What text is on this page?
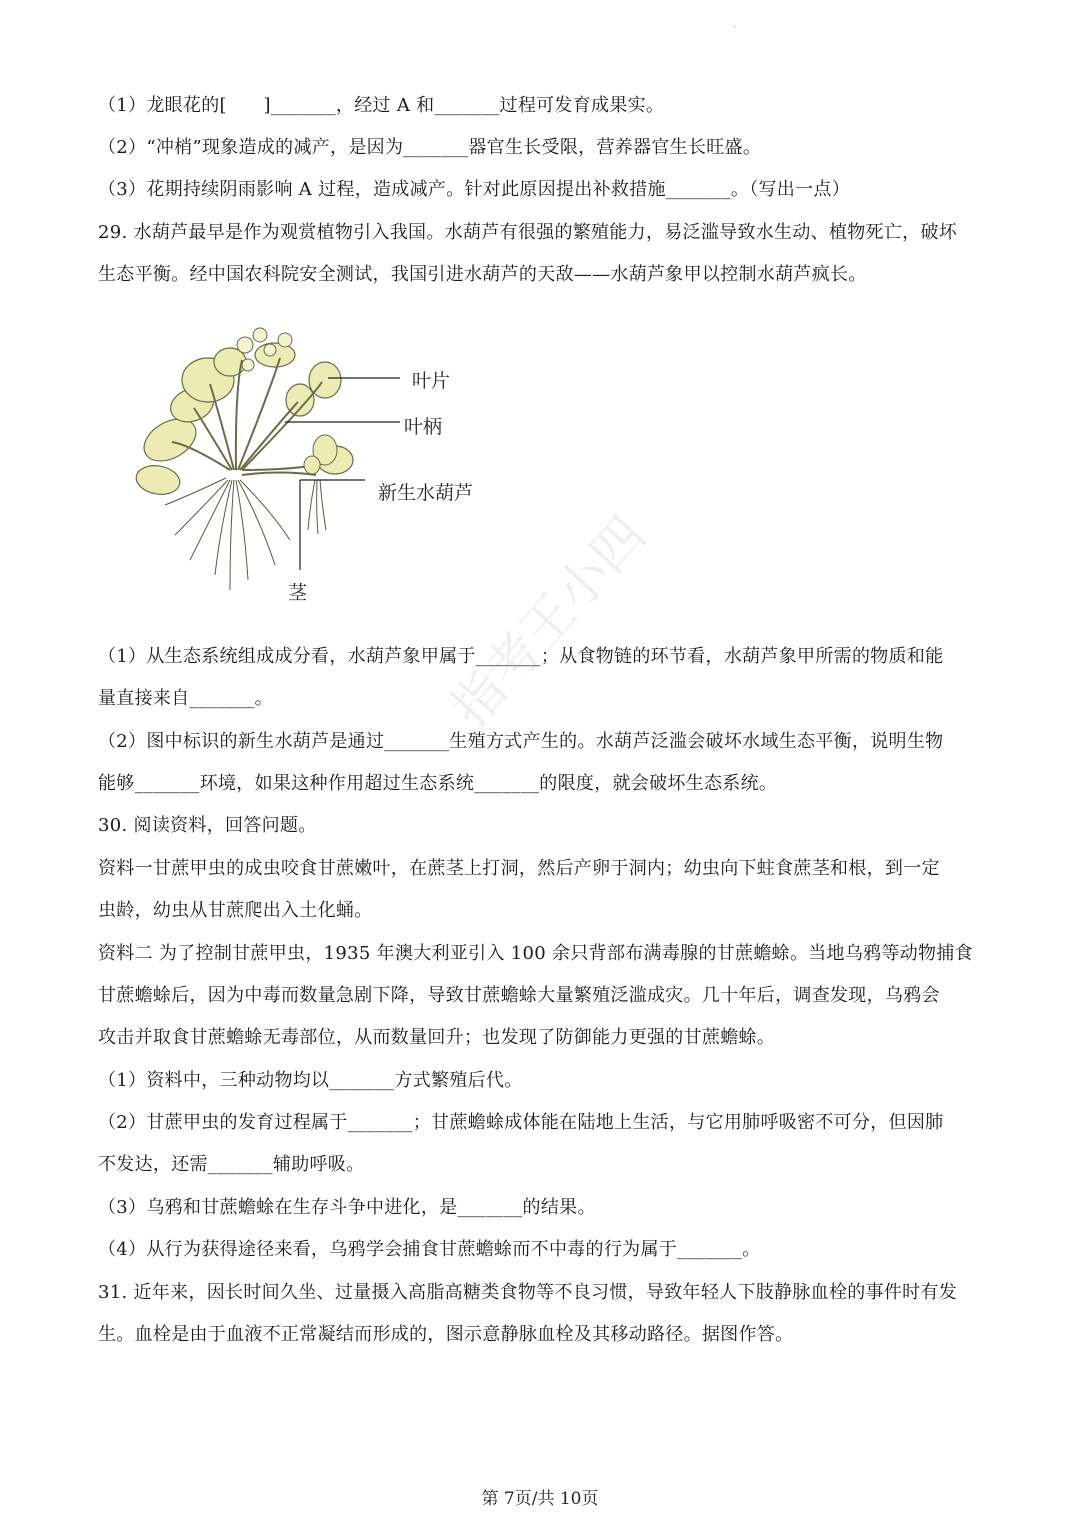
·
（1）龙眼花的[　　]_______，经过 A 和_______过程可发育成果实。
（2）“冲梢”现象造成的减产，是因为_______器官生长受限，营养器官生长旺盛。
（3）花期持续阴雨影响 A 过程，造成减产。针对此原因提出补救措施_______。（写出一点）
29. 水葫芦最早是作为观赏植物引入我国。水葫芦有很强的繁殖能力，易泛滥导致水生动、植物死亡，破坏
生态平衡。经中国农科院安全测试，我国引进水葫芦的天敌——水葫芦象甲以控制水葫芦疯长。
叶片
叶柄
新生水葫芦
茎
（1）从生态系统组成成分看，水葫芦象甲属于_______；从食物链的环节看，水葫芦象甲所需的物质和能
量直接来自_______。
（2）图中标识的新生水葫芦是通过_______生殖方式产生的。水葫芦泛滥会破坏水域生态平衡，说明生物
能够_______环境，如果这种作用超过生态系统_______的限度，就会破坏生态系统。
30. 阅读资料，回答问题。
资料一甘蔗甲虫的成虫咬食甘蔗嫩叶，在蔗茎上打洞，然后产卵于洞内；幼虫向下蛀食蔗茎和根，到一定
虫龄，幼虫从甘蔗爬出入土化蛹。
资料二 为了控制甘蔗甲虫，1935 年澳大利亚引入 100 余只背部布满毒腺的甘蔗蟾蜍。当地乌鸦等动物捕食
甘蔗蟾蜍后，因为中毒而数量急剧下降，导致甘蔗蟾蜍大量繁殖泛滥成灾。几十年后，调查发现，乌鸦会
攻击并取食甘蔗蟾蜍无毒部位，从而数量回升；也发现了防御能力更强的甘蔗蟾蜍。
（1）资料中，三种动物均以_______方式繁殖后代。
（2）甘蔗甲虫的发育过程属于_______；甘蔗蟾蜍成体能在陆地上生活，与它用肺呼吸密不可分，但因肺
不发达，还需_______辅助呼吸。
（3）乌鸦和甘蔗蟾蜍在生存斗争中进化，是_______的结果。
（4）从行为获得途径来看，乌鸦学会捕食甘蔗蟾蜍而不中毒的行为属于_______。
31. 近年来，因长时间久坐、过量摄入高脂高糖类食物等不良习惯，导致年轻人下肢静脉血栓的事件时有发
生。血栓是由于血液不正常凝结而形成的，图示意静脉血栓及其移动路径。据图作答。
指考王小四
第 7页/共 10页
